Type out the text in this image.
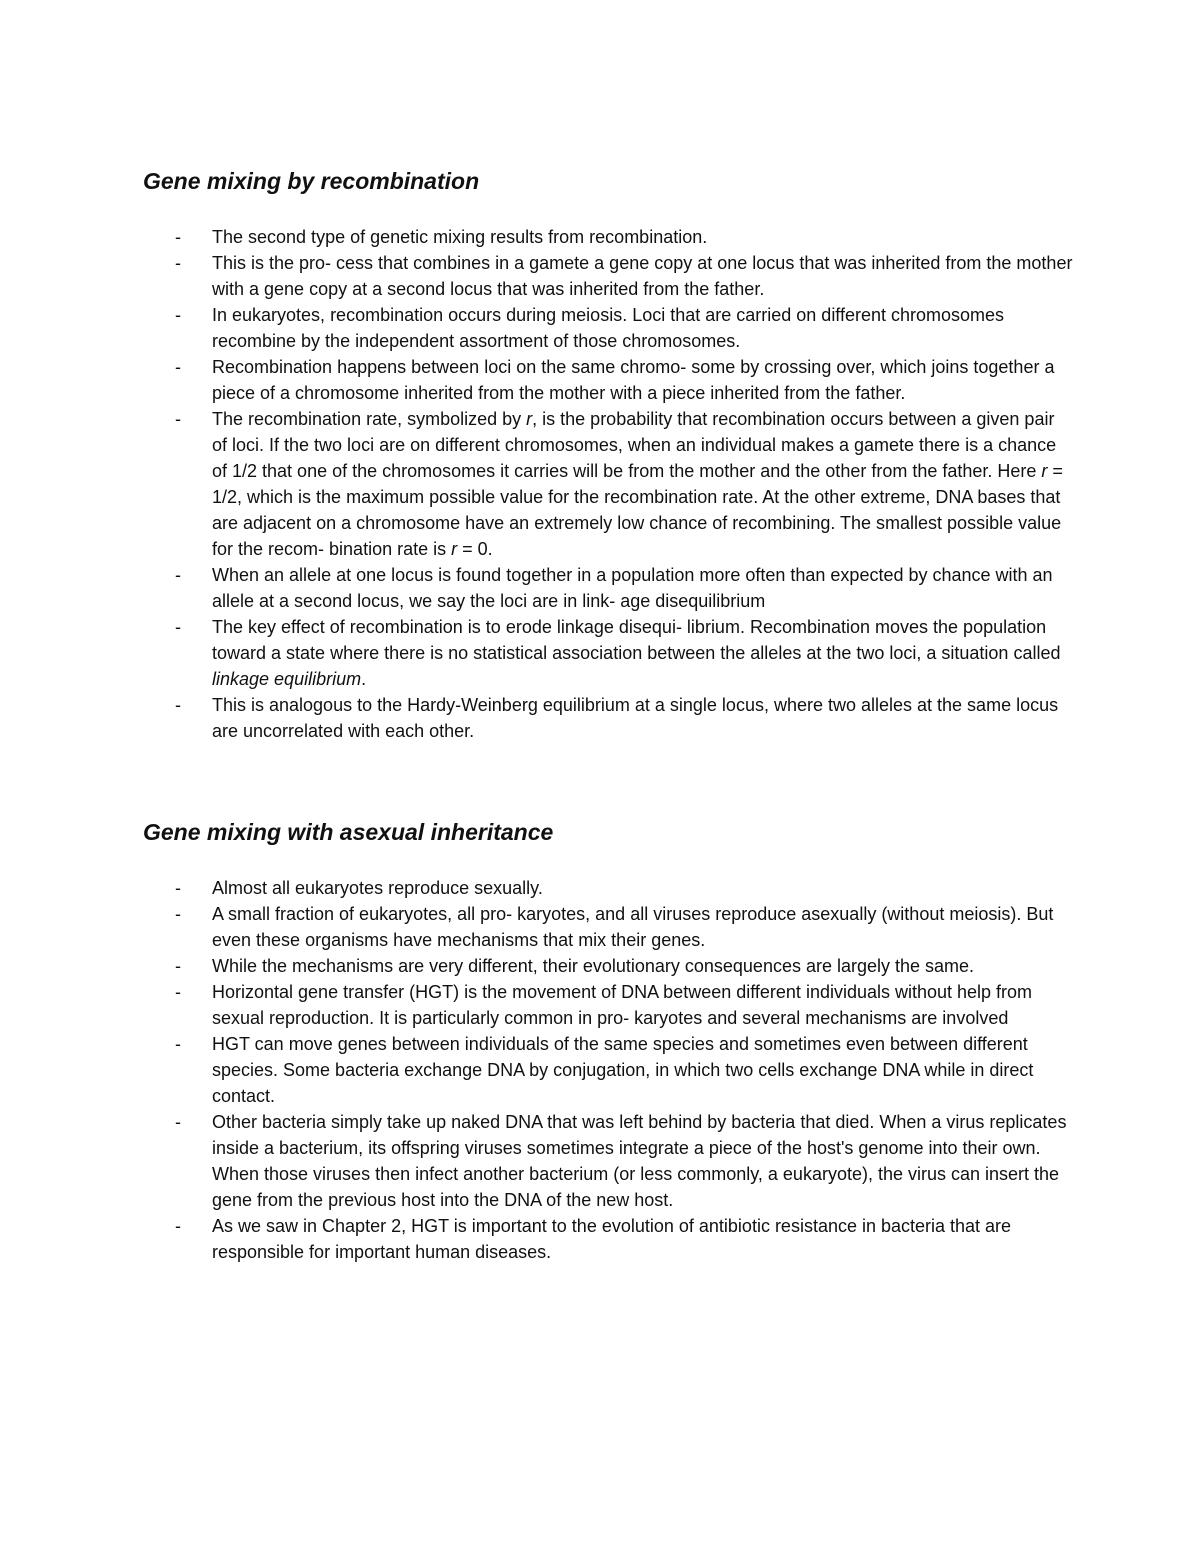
Gene mixing by recombination
- The second type of genetic mixing results from recombination.
- This is the pro- cess that combines in a gamete a gene copy at one locus that was inherited from the mother with a gene copy at a second locus that was inherited from the father.
- In eukaryotes, recombination occurs during meiosis. Loci that are carried on different chromosomes recombine by the independent assortment of those chromosomes.
- Recombination happens between loci on the same chromo- some by crossing over, which joins together a piece of a chromosome inherited from the mother with a piece inherited from the father.
- The recombination rate, symbolized by r, is the probability that recombination occurs between a given pair of loci. If the two loci are on different chromosomes, when an individual makes a gamete there is a chance of 1/2 that one of the chromosomes it carries will be from the mother and the other from the father. Here r = 1/2, which is the maximum possible value for the recombination rate. At the other extreme, DNA bases that are adjacent on a chromosome have an extremely low chance of recombining. The smallest possible value for the recom- bination rate is r = 0.
- When an allele at one locus is found together in a population more often than expected by chance with an allele at a second locus, we say the loci are in link- age disequilibrium
- The key effect of recombination is to erode linkage disequi- librium. Recombination moves the population toward a state where there is no statistical association between the alleles at the two loci, a situation called linkage equilibrium.
- This is analogous to the Hardy-Weinberg equilibrium at a single locus, where two alleles at the same locus are uncorrelated with each other.
Gene mixing with asexual inheritance
- Almost all eukaryotes reproduce sexually.
- A small fraction of eukaryotes, all pro- karyotes, and all viruses reproduce asexually (without meiosis). But even these organisms have mechanisms that mix their genes.
- While the mechanisms are very different, their evolutionary consequences are largely the same.
- Horizontal gene transfer (HGT) is the movement of DNA between different individuals without help from sexual reproduction. It is particularly common in pro- karyotes and several mechanisms are involved
- HGT can move genes between individuals of the same species and sometimes even between different species. Some bacteria exchange DNA by conjugation, in which two cells exchange DNA while in direct contact.
- Other bacteria simply take up naked DNA that was left behind by bacteria that died. When a virus replicates inside a bacterium, its offspring viruses sometimes integrate a piece of the host's genome into their own. When those viruses then infect another bacterium (or less commonly, a eukaryote), the virus can insert the gene from the previous host into the DNA of the new host.
- As we saw in Chapter 2, HGT is important to the evolution of antibiotic resistance in bacteria that are responsible for important human diseases.
